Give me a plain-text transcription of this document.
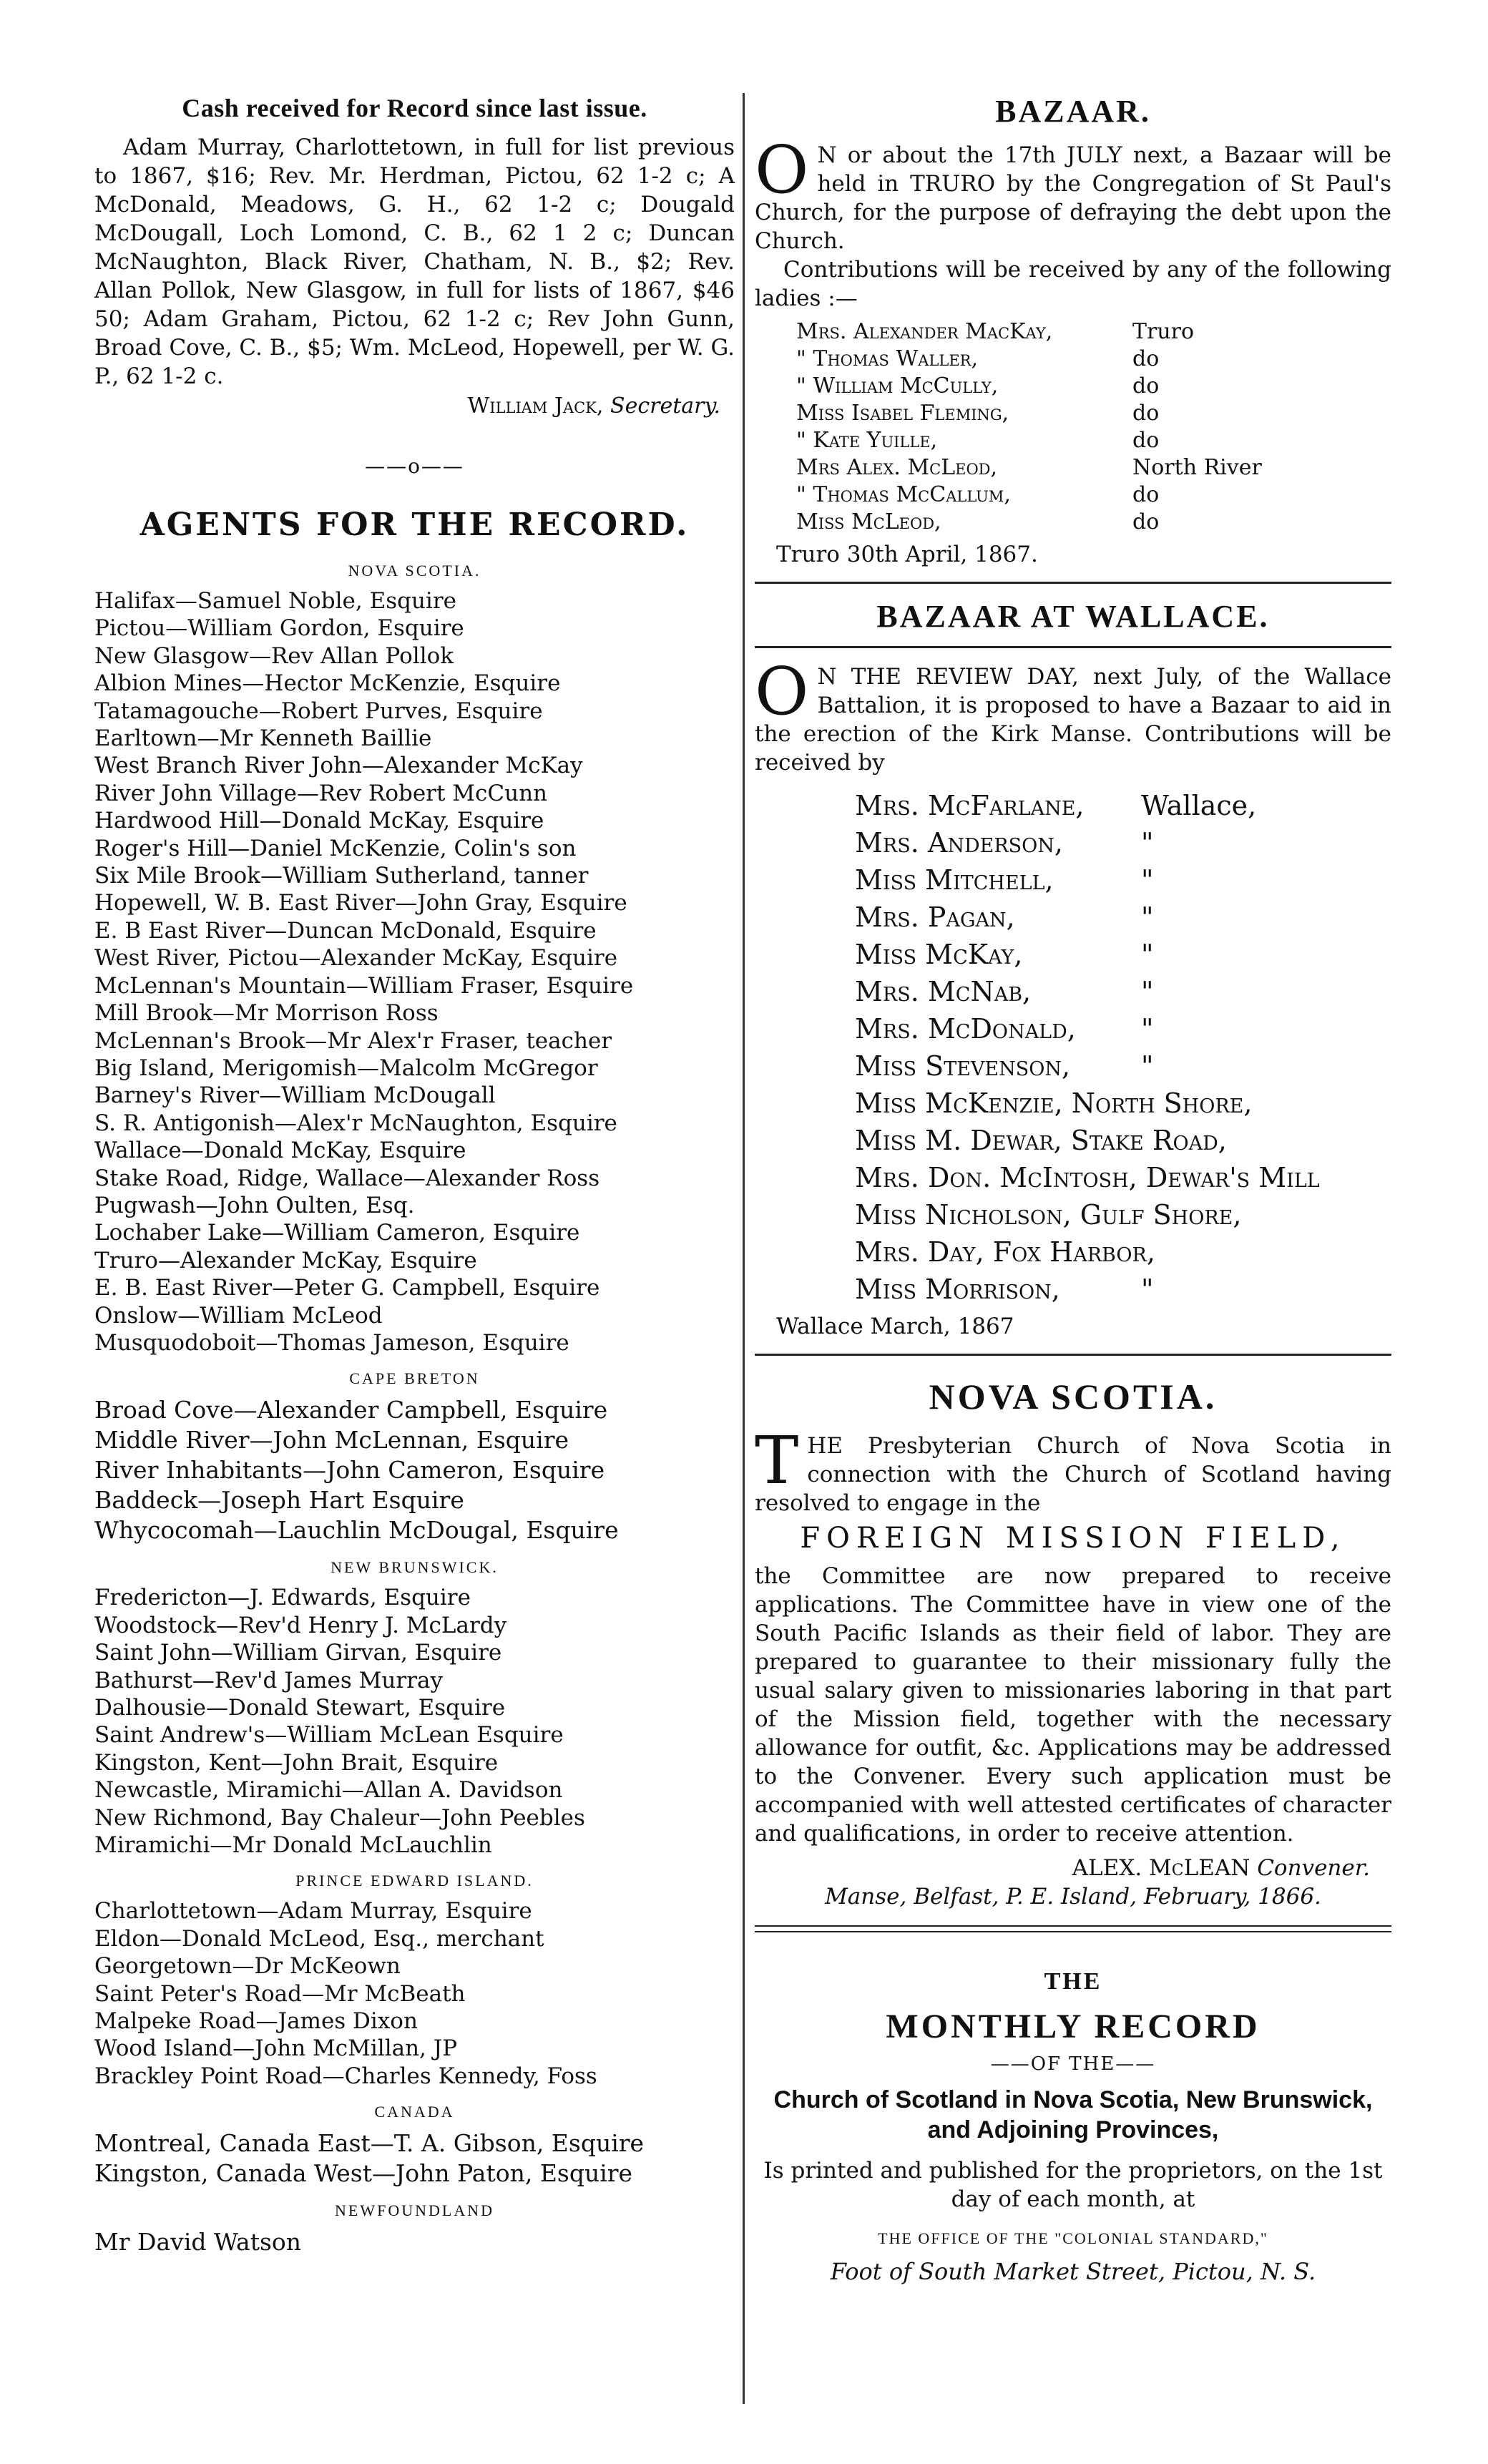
Cash received for Record since last issue.

Adam Murray, Charlottetown, in full for list previous to 1867, $16; Rev. Mr. Herdman, Pictou, 62 1-2 c; A McDonald, Meadows, G. H., 62 1-2 c; Dougald McDougall, Loch Lomond, C. B., 62 1 2 c; Duncan McNaughton, Black River, Chatham, N. B., $2; Rev. Allan Pollok, New Glasgow, in full for lists of 1867, $46 50; Adam Graham, Pictou, 62 1-2 c; Rev John Gunn, Broad Cove, C. B., $5; Wm. McLeod, Hopewell, per W. G. P., 62 1-2 c.

William Jack, Secretary.

——o——
AGENTS FOR THE RECORD.
NOVA SCOTIA.

Halifax—Samuel Noble, Esquire

Pictou—William Gordon, Esquire

New Glasgow—Rev Allan Pollok

Albion Mines—Hector McKenzie, Esquire

Tatamagouche—Robert Purves, Esquire

Earltown—Mr Kenneth Baillie

West Branch River John—Alexander McKay

River John Village—Rev Robert McCunn

Hardwood Hill—Donald McKay, Esquire

Roger's Hill—Daniel McKenzie, Colin's son

Six Mile Brook—William Sutherland, tanner

Hopewell, W. B. East River—John Gray, Esquire

E. B East River—Duncan McDonald, Esquire

West River, Pictou—Alexander McKay, Esquire

McLennan's Mountain—William Fraser, Esquire

Mill Brook—Mr Morrison Ross

McLennan's Brook—Mr Alex'r Fraser, teacher

Big Island, Merigomish—Malcolm McGregor

Barney's River—William McDougall

S. R. Antigonish—Alex'r McNaughton, Esquire

Wallace—Donald McKay, Esquire

Stake Road, Ridge, Wallace—Alexander Ross

Pugwash—John Oulten, Esq.

Lochaber Lake—William Cameron, Esquire

Truro—Alexander McKay, Esquire

E. B. East River—Peter G. Campbell, Esquire

Onslow—William McLeod

Musquodoboit—Thomas Jameson, Esquire

CAPE BRETON

Broad Cove—Alexander Campbell, Esquire

Middle River—John McLennan, Esquire

River Inhabitants—John Cameron, Esquire

Baddeck—Joseph Hart Esquire

Whycocomah—Lauchlin McDougal, Esquire

NEW BRUNSWICK.

Fredericton—J. Edwards, Esquire

Woodstock—Rev'd Henry J. McLardy

Saint John—William Girvan, Esquire

Bathurst—Rev'd James Murray

Dalhousie—Donald Stewart, Esquire

Saint Andrew's—William McLean Esquire

Kingston, Kent—John Brait, Esquire

Newcastle, Miramichi—Allan A. Davidson

New Richmond, Bay Chaleur—John Peebles

Miramichi—Mr Donald McLauchlin

PRINCE EDWARD ISLAND.

Charlottetown—Adam Murray, Esquire

Eldon—Donald McLeod, Esq., merchant

Georgetown—Dr McKeown

Saint Peter's Road—Mr McBeath

Malpeke Road—James Dixon

Wood Island—John McMillan, JP

Brackley Point Road—Charles Kennedy, Foss

CANADA

Montreal, Canada East—T. A. Gibson, Esquire

Kingston, Canada West—John Paton, Esquire

NEWFOUNDLAND

Mr David Watson

BAZAAR.

O N or about the 17th JULY next, a Bazaar will be held in TRURO by the Congregation of St Paul's Church, for the purpose of defraying the debt upon the Church.

Contributions will be received by any of the following ladies :—

Mrs. Alexander MacKay,	Truro
" Thomas Waller,	do
" William McCully,	do
Miss Isabel Fleming,	do
" Kate Yuille,	do
Mrs Alex. McLeod,	North River
" Thomas McCallum,	do
Miss McLeod,	do

Truro 30th April, 1867.

BAZAAR AT WALLACE.

O N THE REVIEW DAY, next July, of the Wallace Battalion, it is proposed to have a Bazaar to aid in the erection of the Kirk Manse. Contributions will be received by

Mrs. McFarlane,	Wallace,
Mrs. Anderson,	"
Miss Mitchell,	"
Mrs. Pagan,	"
Miss McKay,	"
Mrs. McNab,	"
Mrs. McDonald,	"
Miss Stevenson,	"
Miss McKenzie, North Shore,
Miss M. Dewar, Stake Road,
Mrs. Don. McIntosh, Dewar's Mill
Miss Nicholson, Gulf Shore,
Mrs. Day, Fox Harbor,
Miss Morrison,	"

Wallace March, 1867

NOVA SCOTIA.

THE Presbyterian Church of Nova Scotia in connection with the Church of Scotland having resolved to engage in the

FOREIGN MISSION FIELD,

the Committee are now prepared to receive applications. The Committee have in view one of the South Pacific Islands as their field of labor. They are prepared to guarantee to their missionary fully the usual salary given to missionaries laboring in that part of the Mission field, together with the necessary allowance for outfit, &c. Applications may be addressed to the Convener. Every such application must be accompanied with well attested certificates of character and qualifications, in order to receive attention.

ALEX. McLEAN Convener.

Manse, Belfast, P. E. Island, February, 1866.

THE
MONTHLY RECORD
——OF THE——
Church of Scotland in Nova Scotia, New Brunswick, and Adjoining Provinces,
Is printed and published for the proprietors, on the 1st day of each month, at
THE OFFICE OF THE "COLONIAL STANDARD,"
Foot of South Market Street, Pictou, N. S.
